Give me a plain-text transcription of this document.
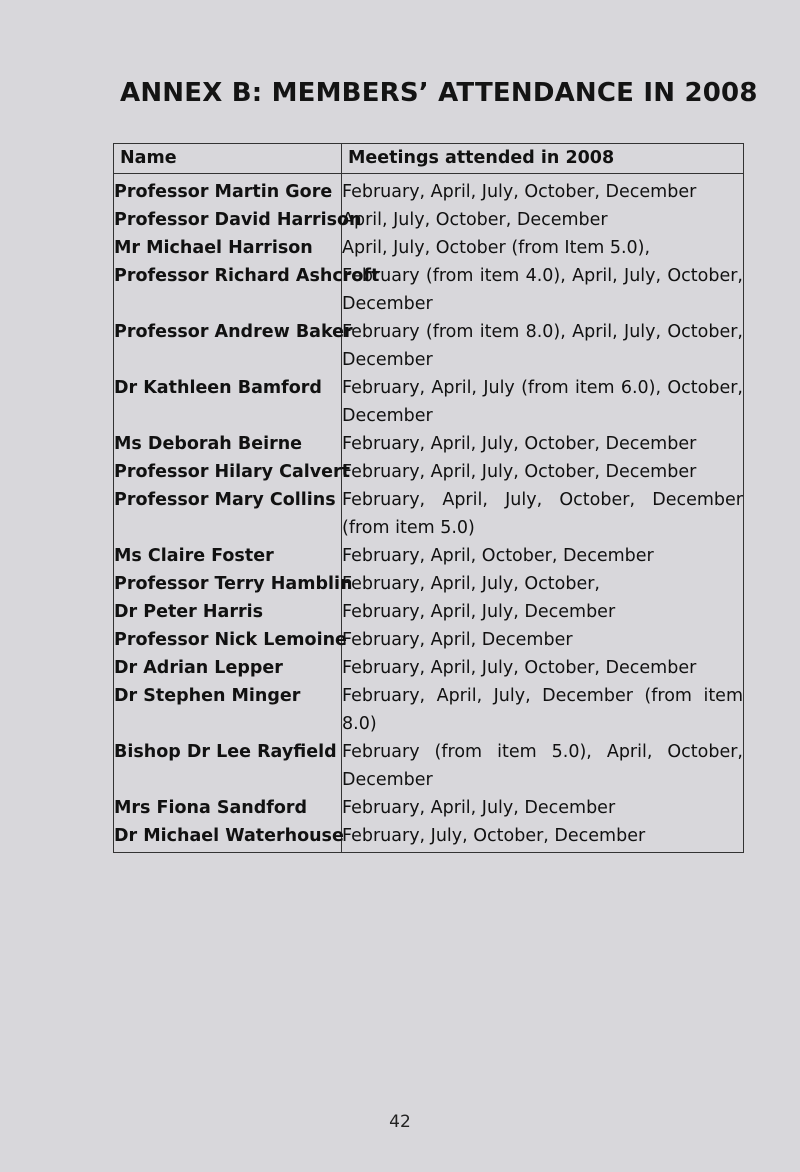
ANNEX B: MEMBERS’ ATTENDANCE IN 2008
Name	Meetings attended in 2008
Professor Martin Gore	February, April, July, October, December
Professor David Harrison	April, July, October, December
Mr Michael Harrison	April, July, October (from Item 5.0),
Professor Richard Ashcroft	February (from item 4.0), April, July, October, December
Professor Andrew Baker	February (from item 8.0), April, July, October, December
Dr Kathleen Bamford	February, April, July (from item 6.0), October, December
Ms Deborah Beirne	February, April, July, October, December
Professor Hilary Calvert	February, April, July, October, December
Professor Mary Collins	February, April, July, October, December (from item 5.0)
Ms Claire Foster	February, April, October, December
Professor Terry Hamblin	February, April, July, October,
Dr Peter Harris	February, April, July, December
Professor Nick Lemoine	February, April, December
Dr Adrian Lepper	February, April, July, October, December
Dr Stephen Minger	February, April, July, December (from item 8.0)
Bishop Dr Lee Rayfield	February (from item 5.0), April, October, December
Mrs Fiona Sandford	February, April, July, December
Dr Michael Waterhouse	February, July, October, December
42
